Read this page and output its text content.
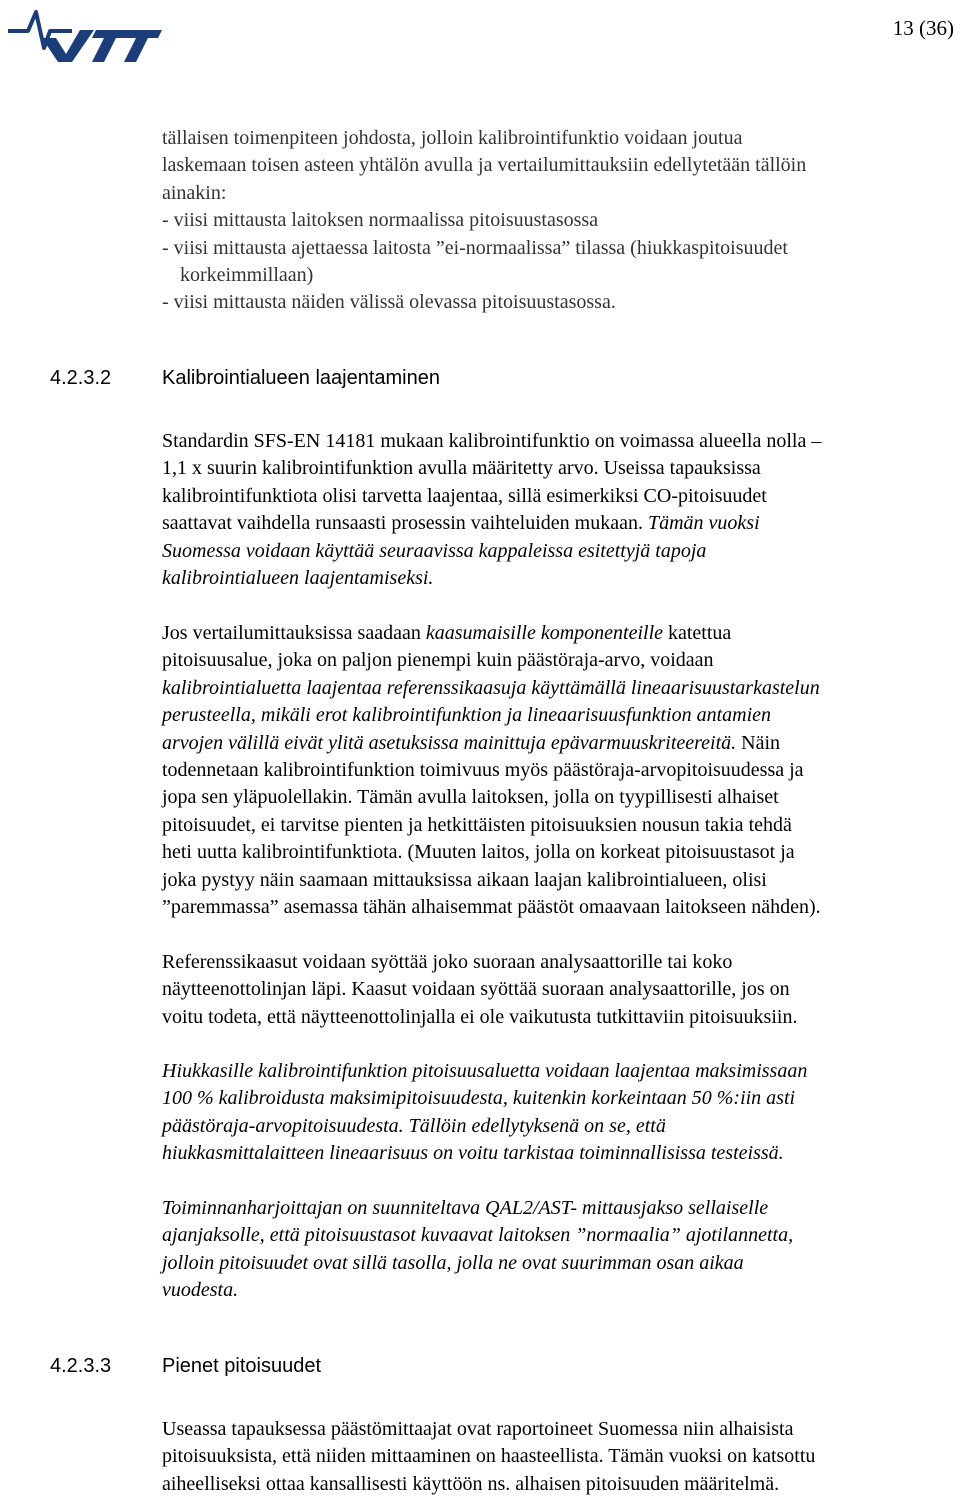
13 (36)
tällaisen toimenpiteen johdosta, jolloin kalibrointifunktio voidaan joutua
laskemaan toisen asteen yhtälön avulla ja vertailumittauksiin edellytetään tällöin
ainakin:
- viisi mittausta laitoksen normaalissa pitoisuustasossa
- viisi mittausta ajettaessa laitosta ”ei-normaalissa” tilassa (hiukkaspitoisuudet
korkeimmillaan)
- viisi mittausta näiden välissä olevassa pitoisuustasossa.
4.2.3.2	Kalibrointialueen laajentaminen
Standardin SFS-EN 14181 mukaan kalibrointifunktio on voimassa alueella nolla –
1,1 x suurin kalibrointifunktion avulla määritetty arvo. Useissa tapauksissa
kalibrointifunktiota olisi tarvetta laajentaa, sillä esimerkiksi CO-pitoisuudet
saattavat vaihdella runsaasti prosessin vaihteluiden mukaan. Tämän vuoksi
Suomessa voidaan käyttää seuraavissa kappaleissa esitettyjä tapoja
kalibrointialueen laajentamiseksi.
Jos vertailumittauksissa saadaan kaasumaisille komponenteille katettua
pitoisuusalue, joka on paljon pienempi kuin päästöraja-arvo, voidaan
kalibrointialuetta laajentaa referenssikaasuja käyttämällä lineaarisuustarkastelun
perusteella, mikäli erot kalibrointifunktion ja lineaarisuusfunktion antamien
arvojen välillä eivät ylitä asetuksissa mainittuja epävarmuuskriteereitä. Näin
todennetaan kalibrointifunktion toimivuus myös päästöraja-arvopitoisuudessa ja
jopa sen yläpuolellakin. Tämän avulla laitoksen, jolla on tyypillisesti alhaiset
pitoisuudet, ei tarvitse pienten ja hetkittäisten pitoisuuksien nousun takia tehdä
heti uutta kalibrointifunktiota. (Muuten laitos, jolla on korkeat pitoisuustasot ja
joka pystyy näin saamaan mittauksissa aikaan laajan kalibrointialueen, olisi
”paremmassa” asemassa tähän alhaisemmat päästöt omaavaan laitokseen nähden).
Referenssikaasut voidaan syöttää joko suoraan analysaattorille tai koko
näytteenottolinjan läpi. Kaasut voidaan syöttää suoraan analysaattorille, jos on
voitu todeta, että näytteenottolinjalla ei ole vaikutusta tutkittaviin pitoisuuksiin.
Hiukkasille kalibrointifunktion pitoisuusaluetta voidaan laajentaa maksimissaan
100 % kalibroidusta maksimipitoisuudesta, kuitenkin korkeintaan 50 %:iin asti
päästöraja-arvopitoisuudesta. Tällöin edellytyksenä on se, että
hiukkasmittalaitteen lineaarisuus on voitu tarkistaa toiminnallisissa testeissä.
Toiminnanharjoittajan on suunniteltava QAL2/AST- mittausjakso sellaiselle
ajanjaksolle, että pitoisuustasot kuvaavat laitoksen ”normaalia” ajotilannetta,
jolloin pitoisuudet ovat sillä tasolla, jolla ne ovat suurimman osan aikaa
vuodesta.
4.2.3.3	Pienet pitoisuudet
Useassa tapauksessa päästömittaajat ovat raportoineet Suomessa niin alhaisista
pitoisuuksista, että niiden mittaaminen on haasteellista. Tämän vuoksi on katsottu
aiheelliseksi ottaa kansallisesti käyttöön ns. alhaisen pitoisuuden määritelmä.
